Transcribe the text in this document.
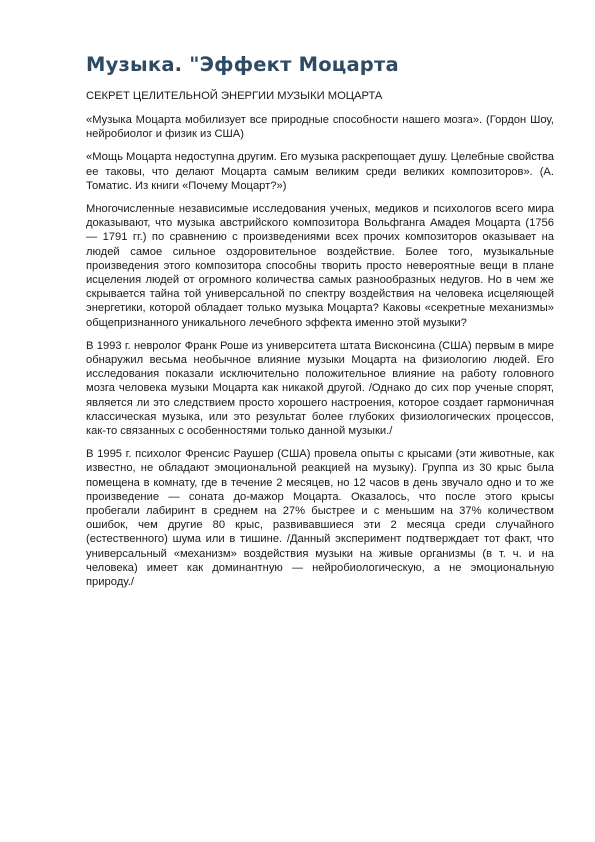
Музыка. "Эффект Моцарта

СЕКРЕТ ЦЕЛИТЕЛЬНОЙ ЭНЕРГИИ МУЗЫКИ МОЦАРТА

«Музыка Моцарта мобилизует все природные способности нашего мозга». (Гордон Шоу, нейробиолог и физик из США)

«Мощь Моцарта недоступна другим. Его музыка раскрепощает душу. Целебные свойства ее таковы, что делают Моцарта самым великим среди великих композиторов». (А. Томатис. Из книги «Почему Моцарт?»)

Многочисленные независимые исследования ученых, медиков и психологов всего мира доказывают, что музыка австрийского композитора Вольфганга Амадея Моцарта (1756 — 1791 гг.) по сравнению с произведениями всех прочих композиторов оказывает на людей самое сильное оздоровительное воздействие. Более того, музыкальные произведения этого композитора способны творить просто невероятные вещи в плане исцеления людей от огромного количества самых разнообразных недугов. Но в чем же скрывается тайна той универсальной по спектру воздействия на человека исцеляющей энергетики, которой обладает только музыка Моцарта? Каковы «секретные механизмы» общепризнанного уникального лечебного эффекта именно этой музыки?

В 1993 г. невролог Франк Роше из университета штата Висконсина (США) первым в мире обнаружил весьма необычное влияние музыки Моцарта на физиологию людей. Его исследования показали исключительно положительное влияние на работу головного мозга человека музыки Моцарта как никакой другой. /Однако до сих пор ученые спорят, является ли это следствием просто хорошего настроения, которое создает гармоничная классическая музыка, или это результат более глубоких физиологических процессов, как-то связанных с особенностями только данной музыки./

В 1995 г. психолог Френсис Раушер (США) провела опыты с крысами (эти животные, как известно, не обладают эмоциональной реакцией на музыку). Группа из 30 крыс была помещена в комнату, где в течение 2 месяцев, но 12 часов в день звучало одно и то же произведение — соната до-мажор Моцарта. Оказалось, что после этого крысы пробегали лабиринт в среднем на 27% быстрее и с меньшим на 37% количеством ошибок, чем другие 80 крыс, развивавшиеся эти 2 месяца среди случайного (естественного) шума или в тишине. /Данный эксперимент подтверждает тот факт, что универсальный «механизм» воздействия музыки на живые организмы (в т. ч. и на человека) имеет как доминантную — нейробиологическую, а не эмоциональную природу./
